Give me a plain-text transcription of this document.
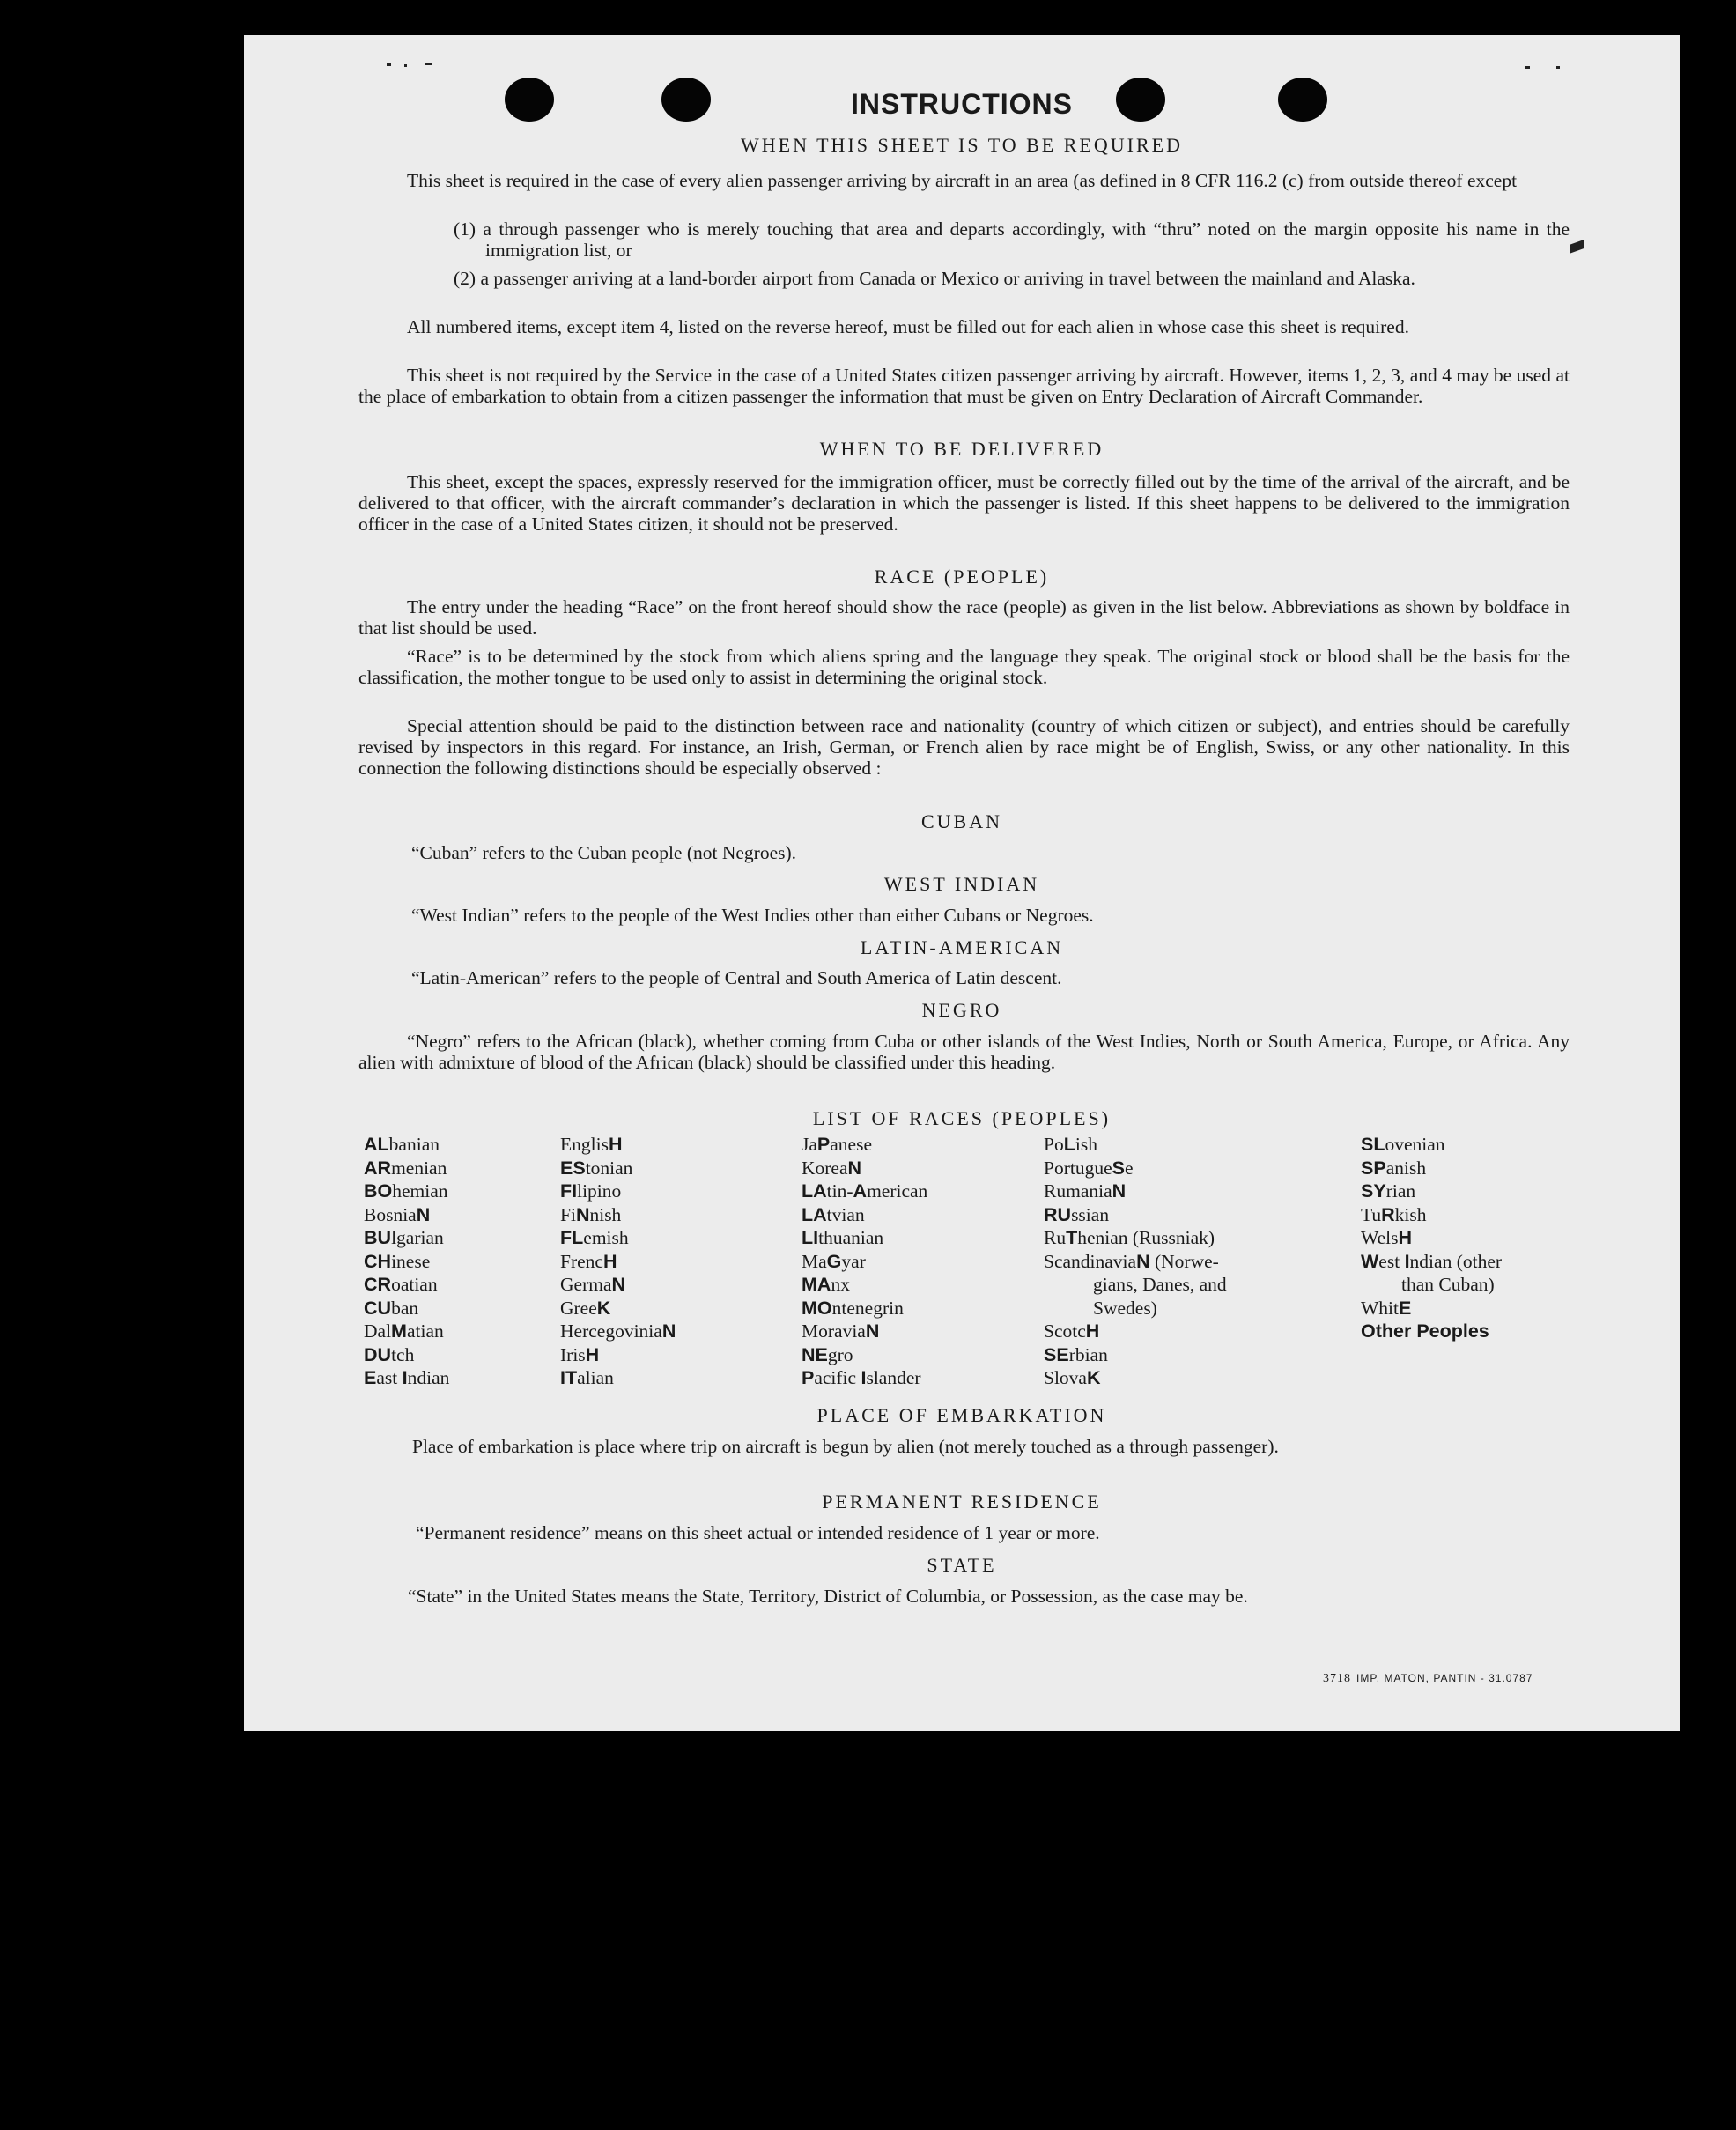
INSTRUCTIONS
WHEN THIS SHEET IS TO BE REQUIRED
This sheet is required in the case of every alien passenger arriving by aircraft in an area (as defined in 8 CFR 116.2 (c) from outside thereof except
(1) a through passenger who is merely touching that area and departs accordingly, with “thru” noted on the margin opposite his name in the immigration list, or
(2) a passenger arriving at a land-border airport from Canada or Mexico or arriving in travel between the mainland and Alaska.
All numbered items, except item 4, listed on the reverse hereof, must be filled out for each alien in whose case this sheet is required.
This sheet is not required by the Service in the case of a United States citizen passenger arriving by aircraft. However, items 1, 2, 3, and 4 may be used at the place of embarkation to obtain from a citizen passenger the information that must be given on Entry Declaration of Aircraft Commander.
WHEN TO BE DELIVERED
This sheet, except the spaces, expressly reserved for the immigration officer, must be correctly filled out by the time of the arrival of the aircraft, and be delivered to that officer, with the aircraft commander’s declaration in which the passenger is listed. If this sheet happens to be delivered to the immigration officer in the case of a United States citizen, it should not be preserved.
RACE (PEOPLE)
The entry under the heading “Race” on the front hereof should show the race (people) as given in the list below. Abbreviations as shown by boldface in that list should be used.
“Race” is to be determined by the stock from which aliens spring and the language they speak. The original stock or blood shall be the basis for the classification, the mother tongue to be used only to assist in determining the original stock.
Special attention should be paid to the distinction between race and nationality (country of which citizen or subject), and entries should be carefully revised by inspectors in this regard. For instance, an Irish, German, or French alien by race might be of English, Swiss, or any other nationality. In this connection the following distinctions should be especially observed :
CUBAN
“Cuban” refers to the Cuban people (not Negroes).
WEST INDIAN
“West Indian” refers to the people of the West Indies other than either Cubans or Negroes.
LATIN-AMERICAN
“Latin-American” refers to the people of Central and South America of Latin descent.
NEGRO
“Negro” refers to the African (black), whether coming from Cuba or other islands of the West Indies, North or South America, Europe, or Africa. Any alien with admixture of blood of the African (black) should be classified under this heading.
LIST OF RACES (PEOPLES)
ALbanian
ARmenian
BOhemian
BosniaN
BUlgarian
CHinese
CRoatian
CUban
DalMatian
DUtch
East Indian
EnglisH
EStonian
FIlipino
FiNnish
FLemish
FrencH
GermaN
GreeK
HercegoviniaN
IrisH
ITalian
JaPanese
KoreaN
LAtin-American
LAtvian
LIthuanian
MaGyar
MAnx
MOntenegrin
MoraviaN
NEgro
Pacific Islander
PoLish
PortugueSe
RumaniaN
RUssian
RuThenian (Russniak)
ScandinaviaN (Norwe-
gians, Danes, and
Swedes)
ScotcH
SErbian
SlovaK
SLovenian
SPanish
SYrian
TuRkish
WelsH
West Indian (other
than Cuban)
WhitE
Other Peoples
PLACE OF EMBARKATION
Place of embarkation is place where trip on aircraft is begun by alien (not merely touched as a through passenger).
PERMANENT RESIDENCE
“Permanent residence” means on this sheet actual or intended residence of 1 year or more.
STATE
“State” in the United States means the State, Territory, District of Columbia, or Possession, as the case may be.
3718 IMP. MATON, PANTIN - 31.0787
